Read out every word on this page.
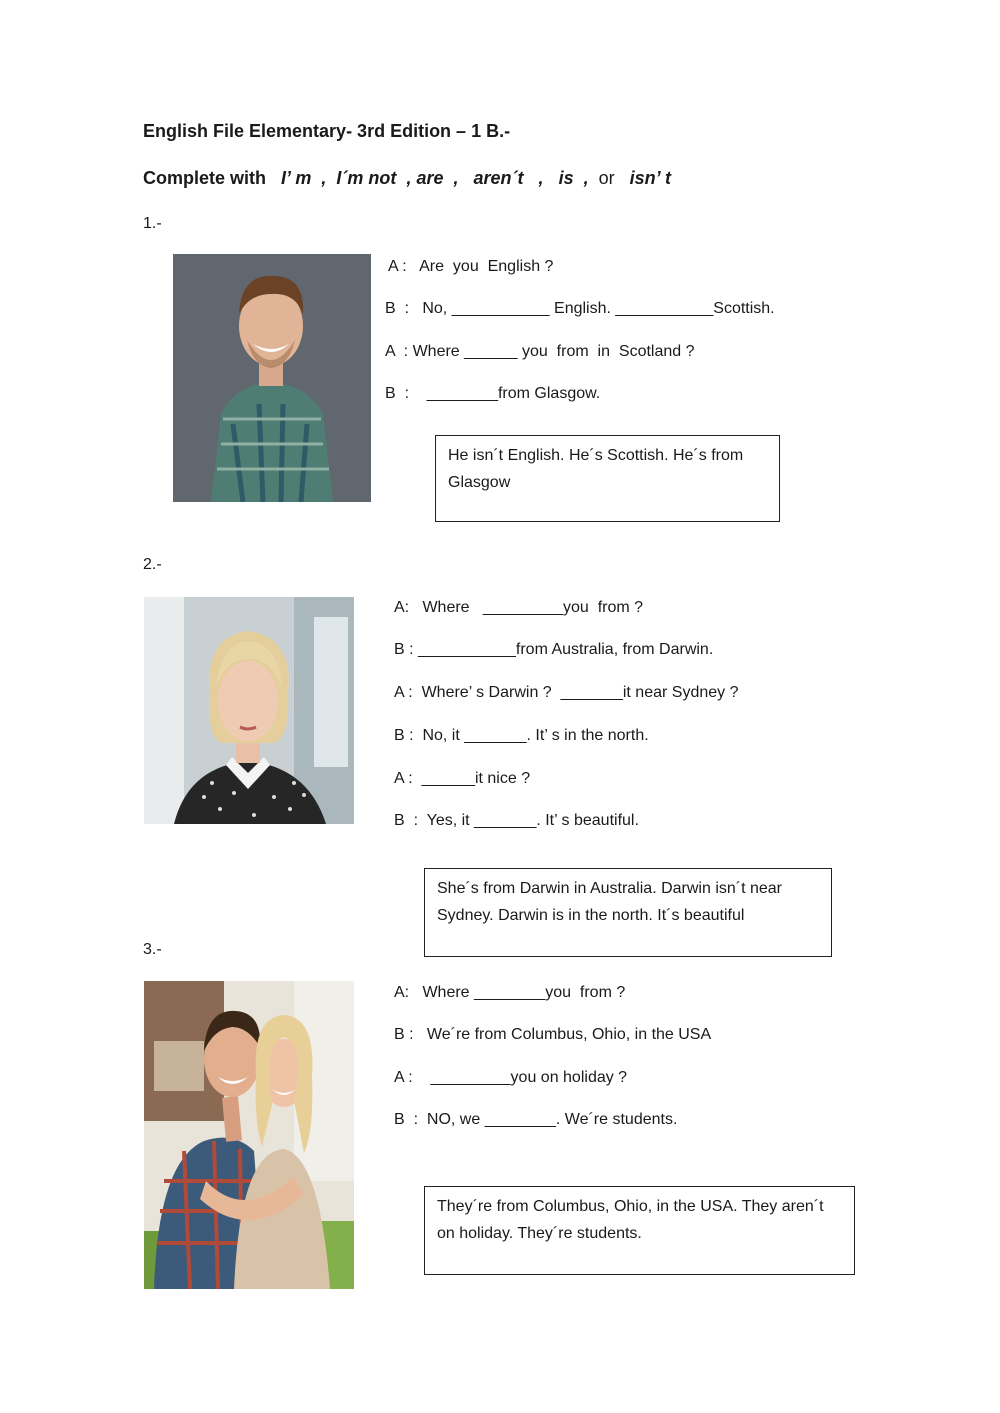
English File Elementary- 3rd Edition – 1 B.-
Complete with I’ m , I´m not , are , aren´t , is , or isn’ t
1.-
A :   Are  you  English ?
B  :   No, ___________ English. ___________Scottish.
A  : Where ______ you  from  in  Scotland ?
B  :    ________from Glasgow.
He isn´t English. He´s Scottish. He´s from Glasgow
2.-
A:   Where   _________you  from ?
B : ___________from Australia, from Darwin.
A :  Where’ s Darwin ?  _______it near Sydney ?
B :  No, it _______. It’ s in the north.
A :  ______it nice ?
B  :  Yes, it _______. It’ s beautiful.
She´s from Darwin in Australia. Darwin isn´t near Sydney. Darwin is in the north. It´s beautiful
3.-
A:   Where ________you  from ?
B :   We´re from Columbus, Ohio, in the USA
A :    _________you on holiday ?
B  :  NO, we ________. We´re students.
They´re from Columbus, Ohio, in the USA. They aren´t on holiday. They´re students.
